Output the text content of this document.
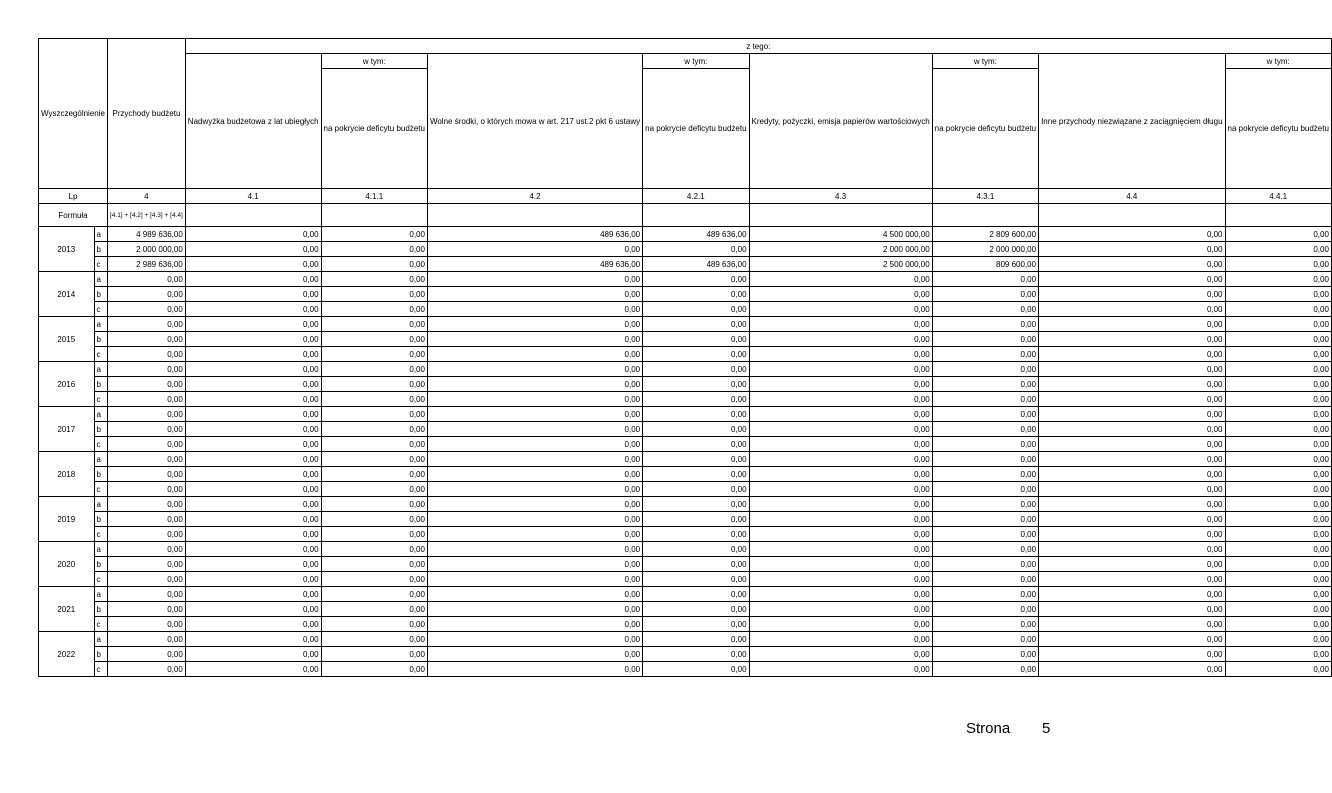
Wyszczególnienie		Przychody budżetu	z tego:							
			Nadwyżka budżetowa z lat ubiegłych	w tym:	Wolne środki, o których mowa w art. 217 ust.2 pkt 6 ustawy	w tym:	Kredyty, pożyczki, emisja papierów wartościowych	w tym:	Inne przychody niezwiązane z zaciągnięciem długu	w tym:
				na pokrycie deficytu budżetu		na pokrycie deficytu budżetu		na pokrycie deficytu budżetu		na pokrycie deficytu budżetu
Lp		4	4.1	4.1.1	4.2	4.2.1	4.3	4.3.1	4.4	4.4.1
Formuła		[4.1] + [4.2] + [4.3] + [4.4]								
2013	a	4 989 636,00	0,00	0,00	489 636,00	489 636,00	4 500 000,00	2 809 600,00	0,00	0,00
	b	2 000 000,00	0,00	0,00	0,00	0,00	2 000 000,00	2 000 000,00	0,00	0,00
	c	2 989 636,00	0,00	0,00	489 636,00	489 636,00	2 500 000,00	809 600,00	0,00	0,00
2014	a	0,00	0,00	0,00	0,00	0,00	0,00	0,00	0,00	0,00
	b	0,00	0,00	0,00	0,00	0,00	0,00	0,00	0,00	0,00
	c	0,00	0,00	0,00	0,00	0,00	0,00	0,00	0,00	0,00
2015	a	0,00	0,00	0,00	0,00	0,00	0,00	0,00	0,00	0,00
	b	0,00	0,00	0,00	0,00	0,00	0,00	0,00	0,00	0,00
	c	0,00	0,00	0,00	0,00	0,00	0,00	0,00	0,00	0,00
2016	a	0,00	0,00	0,00	0,00	0,00	0,00	0,00	0,00	0,00
	b	0,00	0,00	0,00	0,00	0,00	0,00	0,00	0,00	0,00
	c	0,00	0,00	0,00	0,00	0,00	0,00	0,00	0,00	0,00
2017	a	0,00	0,00	0,00	0,00	0,00	0,00	0,00	0,00	0,00
	b	0,00	0,00	0,00	0,00	0,00	0,00	0,00	0,00	0,00
	c	0,00	0,00	0,00	0,00	0,00	0,00	0,00	0,00	0,00
2018	a	0,00	0,00	0,00	0,00	0,00	0,00	0,00	0,00	0,00
	b	0,00	0,00	0,00	0,00	0,00	0,00	0,00	0,00	0,00
	c	0,00	0,00	0,00	0,00	0,00	0,00	0,00	0,00	0,00
2019	a	0,00	0,00	0,00	0,00	0,00	0,00	0,00	0,00	0,00
	b	0,00	0,00	0,00	0,00	0,00	0,00	0,00	0,00	0,00
	c	0,00	0,00	0,00	0,00	0,00	0,00	0,00	0,00	0,00
2020	a	0,00	0,00	0,00	0,00	0,00	0,00	0,00	0,00	0,00
	b	0,00	0,00	0,00	0,00	0,00	0,00	0,00	0,00	0,00
	c	0,00	0,00	0,00	0,00	0,00	0,00	0,00	0,00	0,00
2021	a	0,00	0,00	0,00	0,00	0,00	0,00	0,00	0,00	0,00
	b	0,00	0,00	0,00	0,00	0,00	0,00	0,00	0,00	0,00
	c	0,00	0,00	0,00	0,00	0,00	0,00	0,00	0,00	0,00
2022	a	0,00	0,00	0,00	0,00	0,00	0,00	0,00	0,00	0,00
	b	0,00	0,00	0,00	0,00	0,00	0,00	0,00	0,00	0,00
	c	0,00	0,00	0,00	0,00	0,00	0,00	0,00	0,00	0,00
Strona 5
